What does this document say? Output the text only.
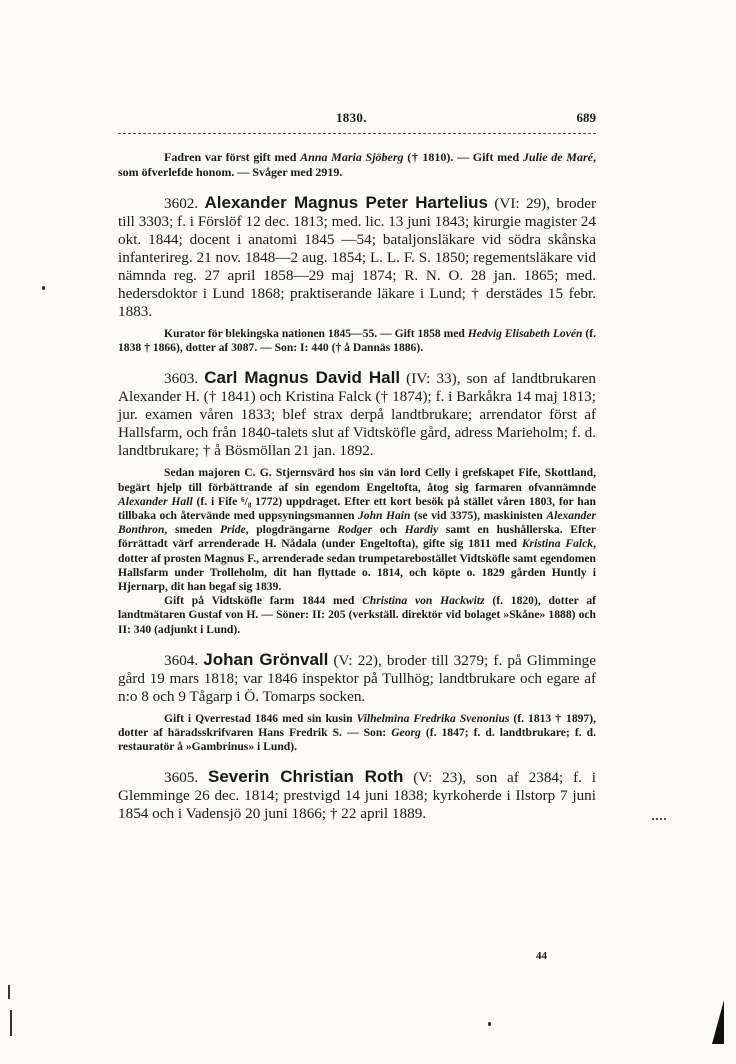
1830.	689

Fadren var först gift med Anna Maria Sjöberg († 1810). — Gift med Julie de Maré, som öfverlefde honom. — Svåger med 2919.

3602. Alexander Magnus Peter Hartelius (VI: 29), broder till 3303; f. i Förslöf 12 dec. 1813; med. lic. 13 juni 1843; kirurgie magister 24 okt. 1844; docent i anatomi 1845 —54; bataljonsläkare vid södra skånska infanterireg. 21 nov. 1848—2 aug. 1854; L. L. F. S. 1850; regementsläkare vid nämnda reg. 27 april 1858—29 maj 1874; R. N. O. 28 jan. 1865; med. hedersdoktor i Lund 1868; praktiserande läkare i Lund; † derstädes 15 febr. 1883.

Kurator för blekingska nationen 1845—55. — Gift 1858 med Hedvig Elisabeth Lovén (f. 1838 † 1866), dotter af 3087. — Son: I: 440 († å Dannäs 1886).

3603. Carl Magnus David Hall (IV: 33), son af landtbrukaren Alexander H. († 1841) och Kristina Falck († 1874); f. i Barkåkra 14 maj 1813; jur. examen våren 1833; blef strax derpå landtbrukare; arrendator först af Hallsfarm, och från 1840-talets slut af Vidtsköfle gård, adress Marieholm; f. d. landtbrukare; † å Bösmöllan 21 jan. 1892.

Sedan majoren C. G. Stjernsvärd hos sin vän lord Celly i grefskapet Fife, Skottland, begärt hjelp till förbättrande af sin egendom Engeltofta, åtog sig farmaren ofvannämnde Alexander Hall (f. i Fife ⁶/₈ 1772) uppdraget. Efter ett kort besök på stället våren 1803, for han tillbaka och återvände med uppsyningsmannen John Hain (se vid 3375), maskinisten Alexander Bonthron, smeden Pride, plogdrängarne Rodger och Hardiy samt en hushållerska. Efter förrättadt värf arrenderade H. Nådala (under Engeltofta), gifte sig 1811 med Kristina Falck, dotter af prosten Magnus F., arrenderade sedan trumpetarebostället Vidtsköfle samt egendomen Hallsfarm under Trolleholm, dit han flyttade o. 1814, och köpte o. 1829 gården Huntly i Hjernarp, dit han begaf sig 1839.

Gift på Vidtsköfle farm 1844 med Christina von Hackwitz (f. 1820), dotter af landtmätaren Gustaf von H. — Söner: II: 205 (verkställ. direktör vid bolaget »Skåne» 1888) och II: 340 (adjunkt i Lund).

3604. Johan Grönvall (V: 22), broder till 3279; f. på Glimminge gård 19 mars 1818; var 1846 inspektor på Tullhög; landtbrukare och egare af n:o 8 och 9 Tågarp i Ö. Tomarps socken.

Gift i Qverrestad 1846 med sin kusin Vilhelmina Fredrika Svenonius (f. 1813 † 1897), dotter af häradsskrifvaren Hans Fredrik S. — Son: Georg (f. 1847; f. d. landtbrukare; f. d. restauratör å »Gambrinus» i Lund).

3605. Severin Christian Roth (V: 23), son af 2384; f. i Glemminge 26 dec. 1814; prestvigd 14 juni 1838; kyrkoherde i Ilstorp 7 juni 1854 och i Vadensjö 20 juni 1866; † 22 april 1889.

44
